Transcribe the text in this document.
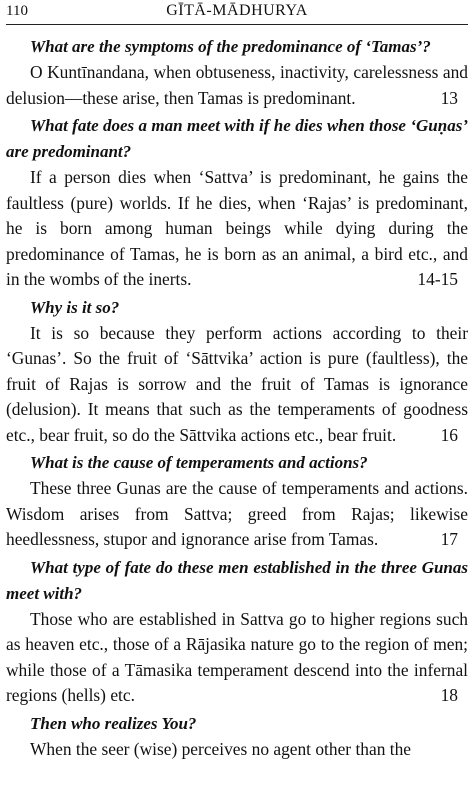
110	GĪTĀ-MĀDHURYA

What are the symptoms of the predominance of ‘Tamas’?

O Kuntīnandana, when obtuseness, inactivity, carelessness and delusion—these arise, then Tamas is predominant.	13

What fate does a man meet with if he dies when those ‘Guṇas’ are predominant?

If a person dies when ‘Sattva’ is predominant, he gains the faultless (pure) worlds. If he dies, when ‘Rajas’ is predominant, he is born among human beings while dying during the predominance of Tamas, he is born as an animal, a bird etc., and in the wombs of the inerts.	14-15

Why is it so?

It is so because they perform actions according to their ‘Gunas’. So the fruit of ‘Sāttvika’ action is pure (faultless), the fruit of Rajas is sorrow and the fruit of Tamas is ignorance (delusion). It means that such as the temperaments of goodness etc., bear fruit, so do the Sāttvika actions etc., bear fruit.	16

What is the cause of temperaments and actions?

These three Gunas are the cause of temperaments and actions. Wisdom arises from Sattva; greed from Rajas; likewise heedlessness, stupor and ignorance arise from Tamas.	17

What type of fate do these men established in the three Gunas meet with?

Those who are established in Sattva go to higher regions such as heaven etc., those of a Rājasika nature go to the region of men; while those of a Tāmasika temperament descend into the infernal regions (hells) etc.	18

Then who realizes You?

When the seer (wise) perceives no agent other than the
